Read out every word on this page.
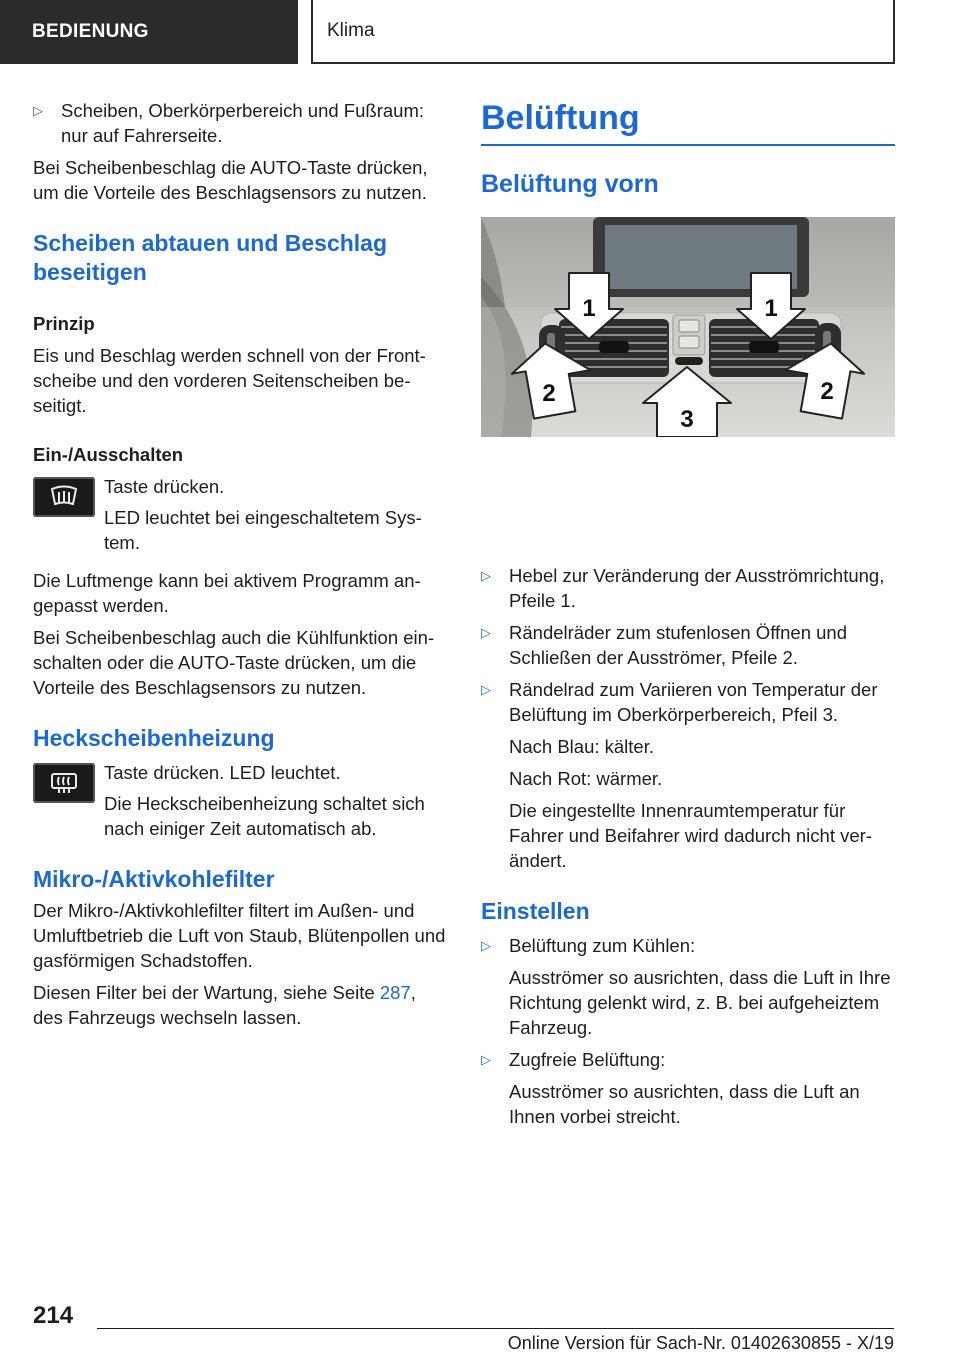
BEDIENUNG	Klima
▷ Scheiben, Oberkörperbereich und Fußraum: nur auf Fahrerseite.

Bei Scheibenbeschlag die AUTO-Taste drücken, um die Vorteile des Beschlagsensors zu nutzen.

Scheiben abtauen und Beschlag beseitigen
Prinzip

Eis und Beschlag werden schnell von der Frontscheibe und den vorderen Seitenscheiben beseitigt.

Ein-/Ausschalten

Taste drücken.

LED leuchtet bei eingeschaltetem System.

Die Luftmenge kann bei aktivem Programm angepasst werden.

Bei Scheibenbeschlag auch die Kühlfunktion einschalten oder die AUTO-Taste drücken, um die Vorteile des Beschlagsensors zu nutzen.

Heckscheibenheizung

Taste drücken. LED leuchtet.

Die Heckscheibenheizung schaltet sich nach einiger Zeit automatisch ab.

Mikro-/Aktivkohlefilter

Der Mikro-/Aktivkohlefilter filtert im Außen- und Umluftbetrieb die Luft von Staub, Blütenpollen und gasförmigen Schadstoffen.

Diesen Filter bei der Wartung, siehe Seite 287, des Fahrzeugs wechseln lassen.

Belüftung
Belüftung vorn
1	1
2	2
3
▷ Hebel zur Veränderung der Ausströmrichtung, Pfeile 1.
▷ Rändelräder zum stufenlosen Öffnen und Schließen der Ausströmer, Pfeile 2.
▷ Rändelrad zum Variieren von Temperatur der Belüftung im Oberkörperbereich, Pfeil 3.

Nach Blau: kälter.

Nach Rot: wärmer.

Die eingestellte Innenraumtemperatur für Fahrer und Beifahrer wird dadurch nicht verändert.

Einstellen
▷ Belüftung zum Kühlen:

Ausströmer so ausrichten, dass die Luft in Ihre Richtung gelenkt wird, z. B. bei aufgeheiztem Fahrzeug.

▷ Zugfreie Belüftung:

Ausströmer so ausrichten, dass die Luft an Ihnen vorbei streicht.

214
Online Version für Sach-Nr. 01402630855 - X/19
